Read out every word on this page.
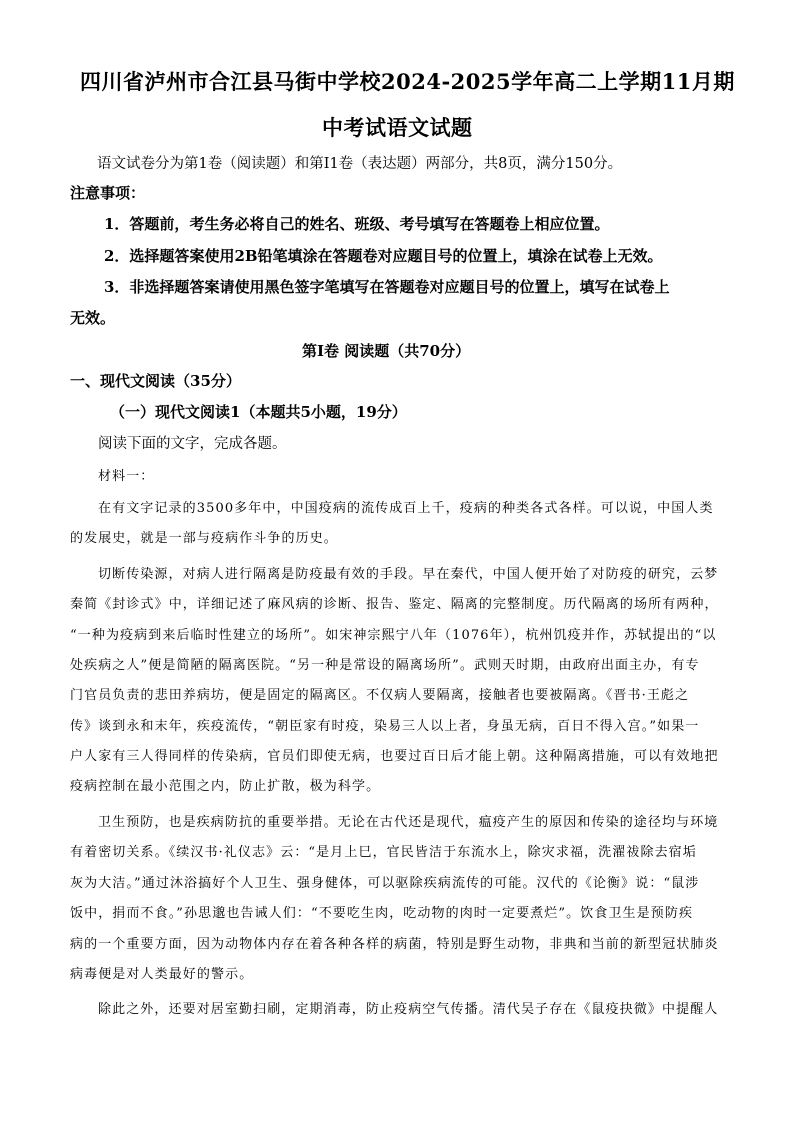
四川省泸州市合江县马街中学校2024-2025学年高二上学期11月期
中考试语文试题
语文试卷分为第1卷（阅读题）和第I1卷（表达题）两部分，共8页，满分150分。
注意事项：
1．答题前，考生务必将自己的姓名、班级、考号填写在答题卷上相应位置。
2．选择题答案使用2B铅笔填涂在答题卷对应题目号的位置上，填涂在试卷上无效。
3．非选择题答案请使用黑色签字笔填写在答题卷对应题目号的位置上，填写在试卷上
无效。
第I卷 阅读题（共70分）
一、现代文阅读（35分）
（一）现代文阅读1（本题共5小题，19分）
阅读下面的文字，完成各题。
材料一：
在有文字记录的3500多年中，中国疫病的流传成百上千，疫病的种类各式各样。可以说，中国人类
的发展史，就是一部与疫病作斗争的历史。
切断传染源，对病人进行隔离是防疫最有效的手段。早在秦代，中国人便开始了对防疫的研究，云梦
秦简《封诊式》中，详细记述了麻风病的诊断、报告、鉴定、隔离的完整制度。历代隔离的场所有两种，
“一种为疫病到来后临时性建立的场所”。如宋神宗熙宁八年（1076年），杭州饥疫并作，苏轼提出的“以
处疾病之人”便是简陋的隔离医院。“另一种是常设的隔离场所”。武则天时期，由政府出面主办，有专
门官员负责的悲田养病坊，便是固定的隔离区。不仅病人要隔离，接触者也要被隔离。《晋书·王彪之
传》谈到永和末年，疾疫流传，“朝臣家有时疫，染易三人以上者，身虽无病，百日不得入宫。”如果一
户人家有三人得同样的传染病，官员们即使无病，也要过百日后才能上朝。这种隔离措施，可以有效地把
疫病控制在最小范围之内，防止扩散，极为科学。
卫生预防，也是疾病防抗的重要举措。无论在古代还是现代，瘟疫产生的原因和传染的途径均与环境
有着密切关系。《续汉书·礼仪志》云：“是月上巳，官民皆洁于东流水上，除灾求福，洗濯祓除去宿垢
灰为大洁。”通过沐浴搞好个人卫生、强身健体，可以驱除疾病流传的可能。汉代的《论衡》说：“鼠涉
饭中，捐而不食。”孙思邈也告诫人们：“不要吃生肉，吃动物的肉时一定要煮烂”。饮食卫生是预防疾
病的一个重要方面，因为动物体内存在着各种各样的病菌，特别是野生动物，非典和当前的新型冠状肺炎
病毒便是对人类最好的警示。
除此之外，还要对居室勤扫刷，定期消毒，防止疫病空气传播。清代吴子存在《鼠疫抉微》中提醒人
